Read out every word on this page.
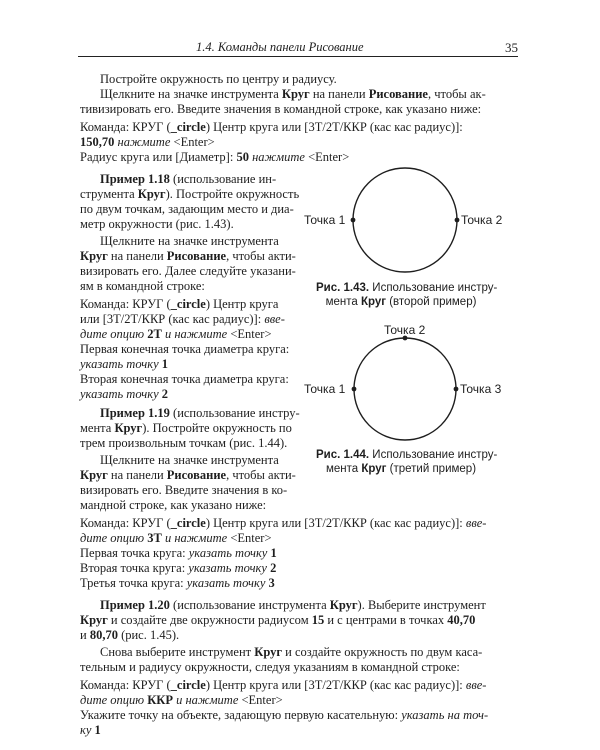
1.4. Команды панели Рисование	35
Постройте окружность по центру и радиусу.
Щелкните на значке инструмента Круг на панели Рисование, чтобы ак-
тивизировать его. Введите значения в командной строке, как указано ниже:
Команда: КРУГ (_circle) Центр круга или [3Т/2Т/ККР (кас кас радиус)]:
150,70 нажмите <Enter>
Радиус круга или [Диаметр]: 50 нажмите <Enter>
Пример 1.18 (использование ин-
струмента Круг). Постройте окружность
по двум точкам, задающим место и диа-
метр окружности (рис. 1.43).
Щелкните на значке инструмента
Круг на панели Рисование, чтобы акти-
визировать его. Далее следуйте указани-
ям в командной строке:
Команда: КРУГ (_circle) Центр круга
или [3Т/2Т/ККР (кас кас радиус)]: вве-
дите опцию 2Т и нажмите <Enter>
Первая конечная точка диаметра круга:
указать точку 1
Вторая конечная точка диаметра круга:
указать точку 2
Пример 1.19 (использование инстру-
мента Круг). Постройте окружность по
трем произвольным точкам (рис. 1.44).
Щелкните на значке инструмента
Круг на панели Рисование, чтобы акти-
визировать его. Введите значения в ко-
мандной строке, как указано ниже:
Команда: КРУГ (_circle) Центр круга или [3Т/2Т/ККР (кас кас радиус)]: вве-
дите опцию 3Т и нажмите <Enter>
Первая точка круга: указать точку 1
Вторая точка круга: указать точку 2
Третья точка круга: указать точку 3
Пример 1.20 (использование инструмента Круг). Выберите инструмент
Круг и создайте две окружности радиусом 15 и с центрами в точках 40,70
и 80,70 (рис. 1.45).
Снова выберите инструмент Круг и создайте окружность по двум каса-
тельным и радиусу окружности, следуя указаниям в командной строке:
Команда: КРУГ (_circle) Центр круга или [3Т/2Т/ККР (кас кас радиус)]: вве-
дите опцию ККР и нажмите <Enter>
Укажите точку на объекте, задающую первую касательную: указать на точ-
ку 1
Точка 1	Точка 2
Рис. 1.43. Использование инстру-
мента Круг (второй пример)
Точка 2
Точка 1	Точка 3
Рис. 1.44. Использование инстру-
мента Круг (третий пример)
